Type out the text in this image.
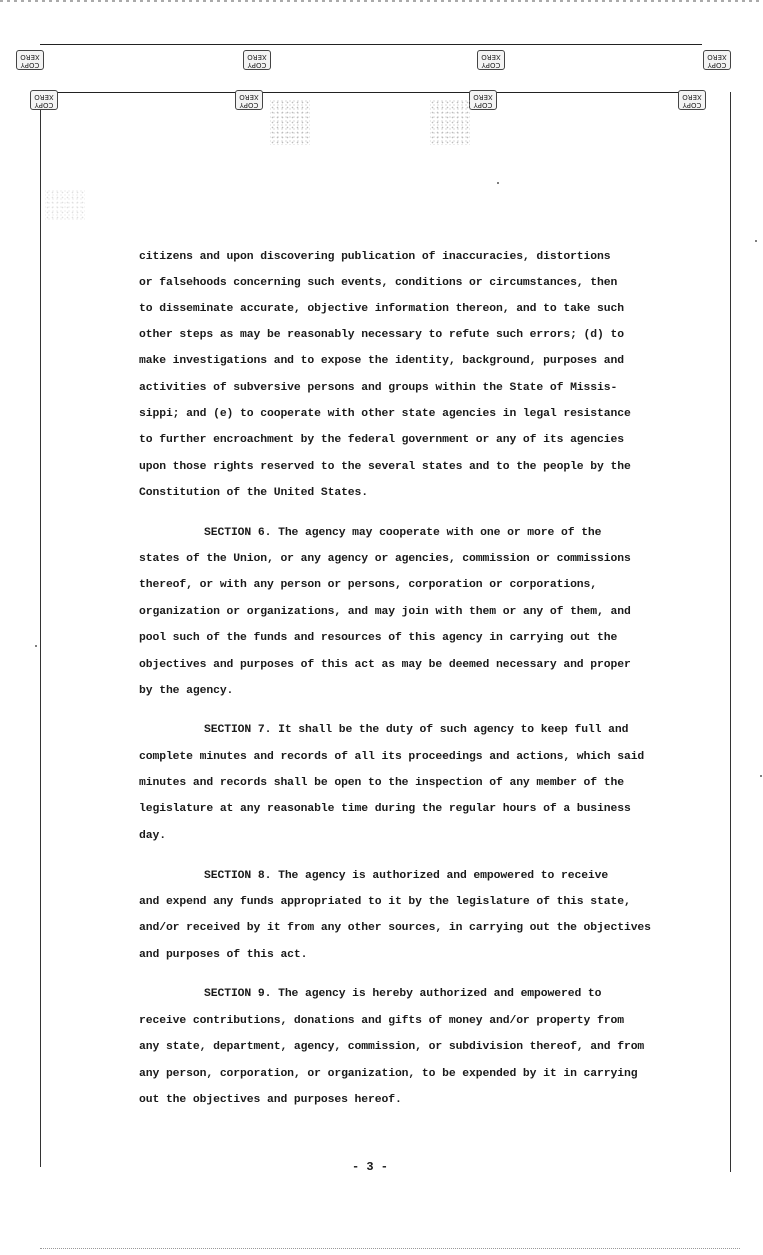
COPY
XERO
COPY
XERO
COPY
XERO
COPY
XERO
COPY
XERO
COPY
XERO
COPY
XERO
COPY
XERO

citizens and upon discovering publication of inaccuracies, distortions

or falsehoods concerning such events, conditions or circumstances, then

to disseminate accurate, objective information thereon, and to take such

other steps as may be reasonably necessary to refute such errors; (d) to

make investigations and to expose the identity, background, purposes and

activities of subversive persons and groups within the State of Missis-

sippi; and (e) to cooperate with other state agencies in legal resistance

to further encroachment by the federal government or any of its agencies

upon those rights reserved to the several states and to the people by the

Constitution of the United States.

SECTION 6. The agency may cooperate with one or more of the

states of the Union, or any agency or agencies, commission or commissions

thereof, or with any person or persons, corporation or corporations,

organization or organizations, and may join with them or any of them, and

pool such of the funds and resources of this agency in carrying out the

objectives and purposes of this act as may be deemed necessary and proper

by the agency.

SECTION 7. It shall be the duty of such agency to keep full and

complete minutes and records of all its proceedings and actions, which said

minutes and records shall be open to the inspection of any member of the

legislature at any reasonable time during the regular hours of a business

day.

SECTION 8. The agency is authorized and empowered to receive

and expend any funds appropriated to it by the legislature of this state,

and/or received by it from any other sources, in carrying out the objectives

and purposes of this act.

SECTION 9. The agency is hereby authorized and empowered to

receive contributions, donations and gifts of money and/or property from

any state, department, agency, commission, or subdivision thereof, and from

any person, corporation, or organization, to be expended by it in carrying

out the objectives and purposes hereof.

- 3 -
